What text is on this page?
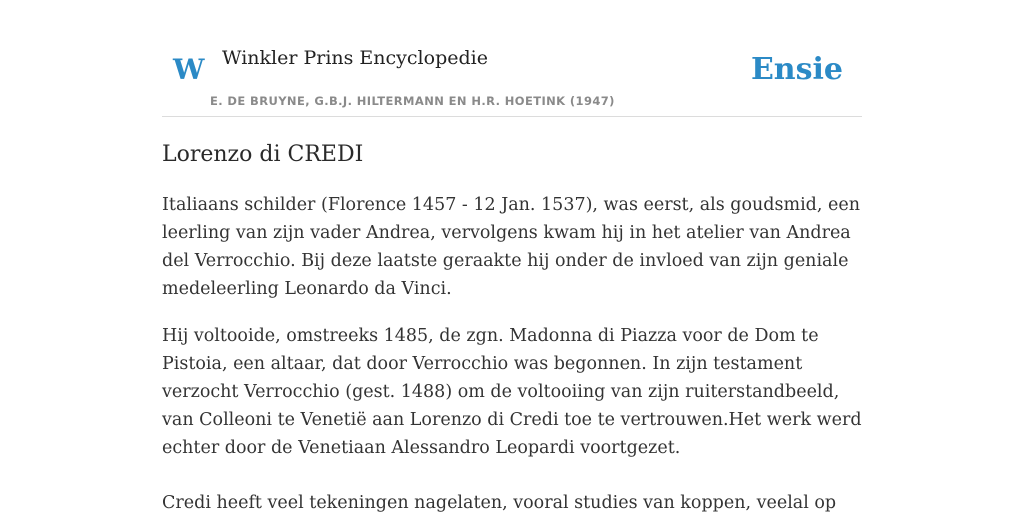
W Winkler Prins Encyclopedie
E. DE BRUYNE, G.B.J. HILTERMANN EN H.R. HOETINK (1947)
Ensie
Lorenzo di CREDI

Italiaans schilder (Florence 1457 - 12 Jan. 1537), was eerst, als goudsmid, een leerling van zijn vader Andrea, vervolgens kwam hij in het atelier van Andrea del Verrocchio. Bij deze laatste geraakte hij onder de invloed van zijn geniale medeleerling Leonardo da Vinci.

Hij voltooide, omstreeks 1485, de zgn. Madonna di Piazza voor de Dom te Pistoia, een altaar, dat door Verrocchio was begonnen. In zijn testament verzocht Verrocchio (gest. 1488) om de voltooiing van zijn ruiterstandbeeld, van Colleoni te Venetië aan Lorenzo di Credi toe te vertrouwen.Het werk werd echter door de Venetiaan Alessandro Leopardi voortgezet.

Credi heeft veel tekeningen nagelaten, vooral studies van koppen, veelal op
